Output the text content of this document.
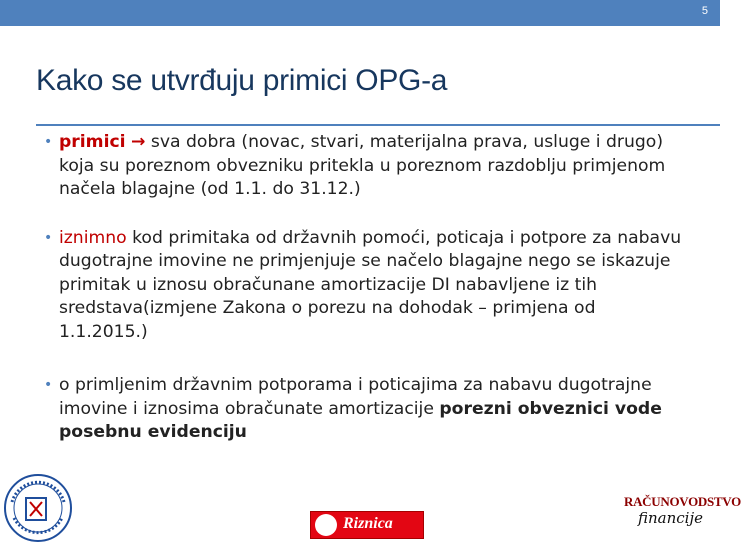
5
Kako se utvrđuju primici OPG-a
• primici → sva dobra (novac, stvari, materijalna prava, usluge i drugo) koja su poreznom obvezniku pritekla u poreznom razdoblju primjenom načela blagajne (od 1.1. do 31.12.)
• iznimno kod primitaka od državnih pomoći, poticaja i potpore za nabavu dugotrajne imovine ne primjenjuje se načelo blagajne nego se iskazuje primitak u iznosu obračunane amortizacije DI nabavljene iz tih sredstava(izmjene Zakona o porezu na dohodak – primjena od 1.1.2015.)
• o primljenim državnim potporama i poticajima za nabavu dugotrajne imovine i iznosima obračunate amortizacije porezni obveznici vode posebnu evidenciju
Riznica
RAČUNOVODSTVO
financije
